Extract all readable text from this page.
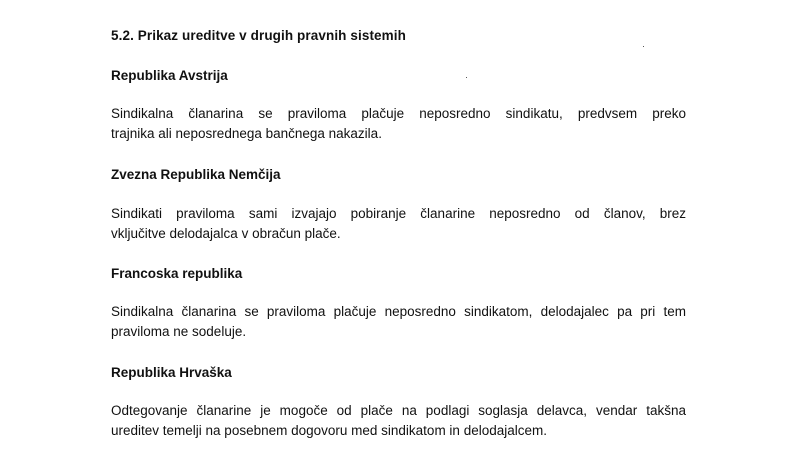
5.2. Prikaz ureditve v drugih pravnih sistemih
Republika Avstrija
Sindikalna članarina se praviloma plačuje neposredno sindikatu, predvsem preko
trajnika ali neposrednega bančnega nakazila.
Zvezna Republika Nemčija
Sindikati praviloma sami izvajajo pobiranje članarine neposredno od članov, brez
vključitve delodajalca v obračun plače.
Francoska republika
Sindikalna članarina se praviloma plačuje neposredno sindikatom, delodajalec pa pri tem
praviloma ne sodeluje.
Republika Hrvaška
Odtegovanje članarine je mogoče od plače na podlagi soglasja delavca, vendar takšna
ureditev temelji na posebnem dogovoru med sindikatom in delodajalcem.
